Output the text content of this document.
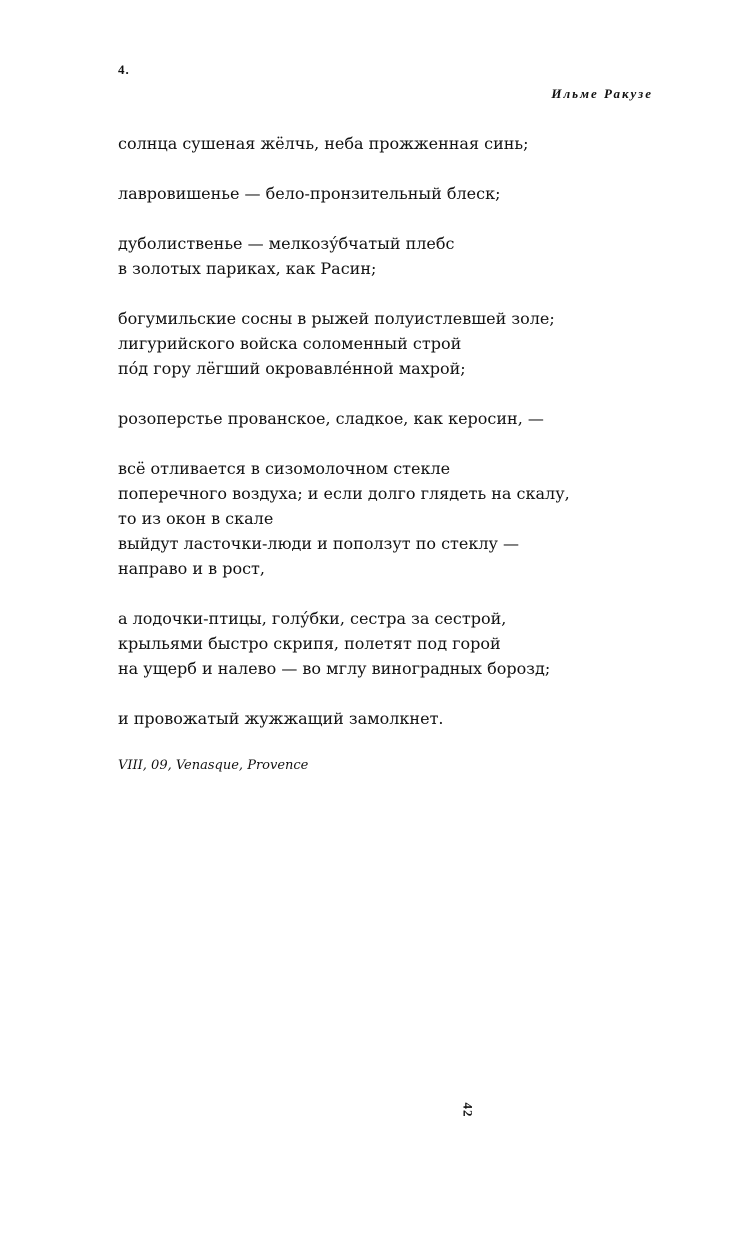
4.
Ильме Ракузе
солнца сушеная жёлчь, неба прожженная синь;
лавровишенье — бело-пронзительный блеск;
дуболиственье — мелкозу́бчатый плебс
в золотых париках, как Расин;
богумильские сосны в рыжей полуистлевшей золе;
лигурийского войска соломенный строй
по́д гору лёгший окровавле́нной махрой;
розоперстье прованское, сладкое, как керосин, —
всё отливается в сизомолочном стекле
поперечного воздуха; и если долго глядеть на скалу,
то из окон в скале
выйдут ласточки-люди и поползут по стеклу —
направо и в рост,
а лодочки-птицы, голу́бки, сестра за сестрой,
крыльями быстро скрипя, полетят под горой
на ущерб и налево — во мглу виноградных борозд;
и провожатый жужжащий замолкнет.
VIII, 09, Venasque, Provence
42
